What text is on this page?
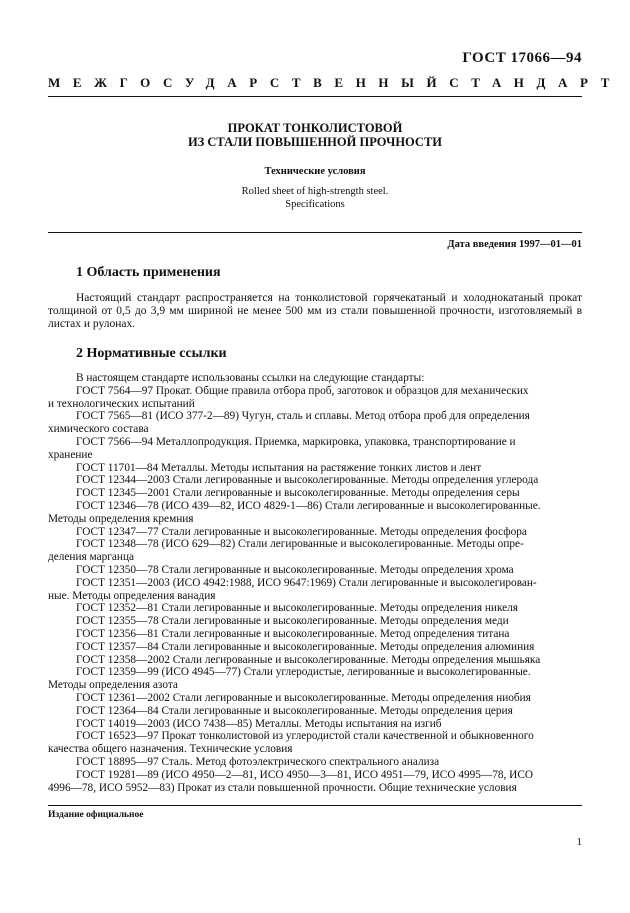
ГОСТ 17066—94
МЕЖГОСУДАРСТВЕННЫЙ СТАНДАРТ
ПРОКАТ ТОНКОЛИСТОВОЙ
ИЗ СТАЛИ ПОВЫШЕННОЙ ПРОЧНОСТИ
Технические условия
Rolled sheet of high-strength steel.
Specifications
Дата введения 1997—01—01
1 Область применения
Настоящий стандарт распространяется на тонколистовой горячекатаный и холоднокатаный прокат толщиной от 0,5 до 3,9 мм шириной не менее 500 мм из стали повышенной прочности, изготовляемый в листах и рулонах.
2 Нормативные ссылки
В настоящем стандарте использованы ссылки на следующие стандарты:
ГОСТ 7564—97 Прокат. Общие правила отбора проб, заготовок и образцов для механических
и технологических испытаний
ГОСТ 7565—81 (ИСО 377-2—89) Чугун, сталь и сплавы. Метод отбора проб для определения
химического состава
ГОСТ 7566—94 Металлопродукция. Приемка, маркировка, упаковка, транспортирование и
хранение
ГОСТ 11701—84 Металлы. Методы испытания на растяжение тонких листов и лент
ГОСТ 12344—2003 Стали легированные и высоколегированные. Методы определения углерода
ГОСТ 12345—2001 Стали легированные и высоколегированные. Методы определения серы
ГОСТ 12346—78 (ИСО 439—82, ИСО 4829-1—86) Стали легированные и высоколегированные.
Методы определения кремния
ГОСТ 12347—77 Стали легированные и высоколегированные. Методы определения фосфора
ГОСТ 12348—78 (ИСО 629—82) Стали легированные и высоколегированные. Методы опре-
деления марганца
ГОСТ 12350—78 Стали легированные и высоколегированные. Методы определения хрома
ГОСТ 12351—2003 (ИСО 4942:1988, ИСО 9647:1969) Стали легированные и высоколегирован-
ные. Методы определения ванадия
ГОСТ 12352—81 Стали легированные и высоколегированные. Методы определения никеля
ГОСТ 12355—78 Стали легированные и высоколегированные. Методы определения меди
ГОСТ 12356—81 Стали легированные и высоколегированные. Метод определения титана
ГОСТ 12357—84 Стали легированные и высоколегированные. Методы определения алюминия
ГОСТ 12358—2002 Стали легированные и высоколегированные. Методы определения мышьяка
ГОСТ 12359—99 (ИСО 4945—77) Стали углеродистые, легированные и высоколегированные.
Методы определения азота
ГОСТ 12361—2002 Стали легированные и высоколегированные. Методы определения ниобия
ГОСТ 12364—84 Стали легированные и высоколегированные. Методы определения церия
ГОСТ 14019—2003 (ИСО 7438—85) Металлы. Методы испытания на изгиб
ГОСТ 16523—97 Прокат тонколистовой из углеродистой стали качественной и обыкновенного
качества общего назначения. Технические условия
ГОСТ 18895—97 Сталь. Метод фотоэлектрического спектрального анализа
ГОСТ 19281—89 (ИСО 4950—2—81, ИСО 4950—3—81, ИСО 4951—79, ИСО 4995—78, ИСО
4996—78, ИСО 5952—83) Прокат из стали повышенной прочности. Общие технические условия
Издание официальное
1
